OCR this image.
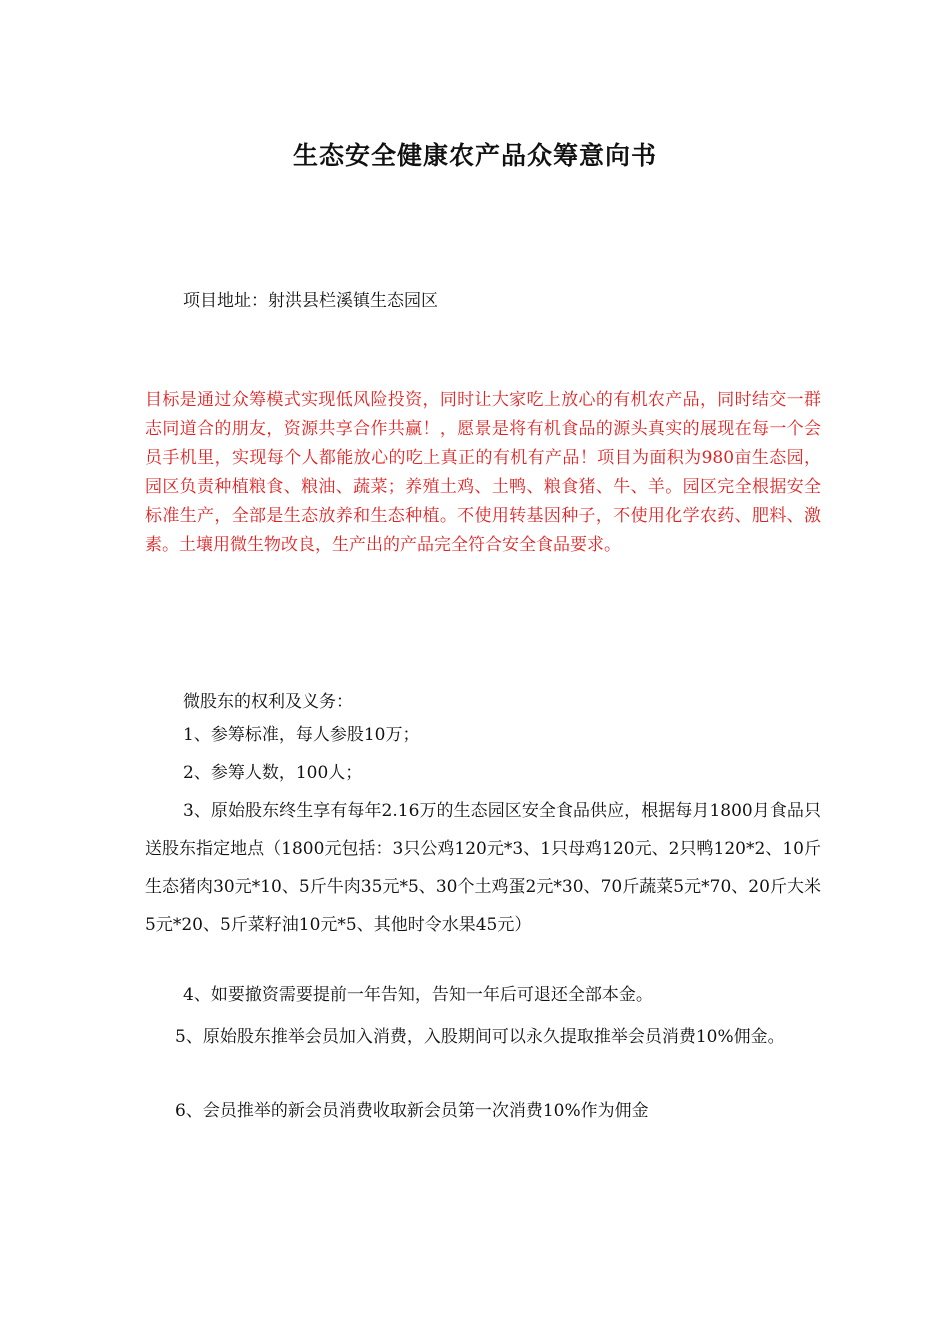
生态安全健康农产品众筹意向书
项目地址：射洪县栏溪镇生态园区
目标是通过众筹模式实现低风险投资，同时让大家吃上放心的有机农产品，同时结交一群志同道合的朋友，资源共享合作共赢！，愿景是将有机食品的源头真实的展现在每一个会员手机里，实现每个人都能放心的吃上真正的有机有产品！项目为面积为980亩生态园，园区负责种植粮食、粮油、蔬菜；养殖土鸡、土鸭、粮食猪、牛、羊。园区完全根据安全标准生产，全部是生态放养和生态种植。不使用转基因种子，不使用化学农药、肥料、激素。土壤用微生物改良，生产出的产品完全符合安全食品要求。
微股东的权利及义务：
1、参筹标准，每人参股10万；
2、参筹人数，100人；
3、原始股东终生享有每年2.16万的生态园区安全食品供应，根据每月1800月食品只送股东指定地点（1800元包括：3只公鸡120元*3、1只母鸡120元、2只鸭120*2、10斤生态猪肉30元*10、5斤牛肉35元*5、30个土鸡蛋2元*30、70斤蔬菜5元*70、20斤大米5元*20、5斤菜籽油10元*5、其他时令水果45元）
4、如要撤资需要提前一年告知，告知一年后可退还全部本金。
5、原始股东推举会员加入消费，入股期间可以永久提取推举会员消费10%佣金。
6、会员推举的新会员消费收取新会员第一次消费10%作为佣金
